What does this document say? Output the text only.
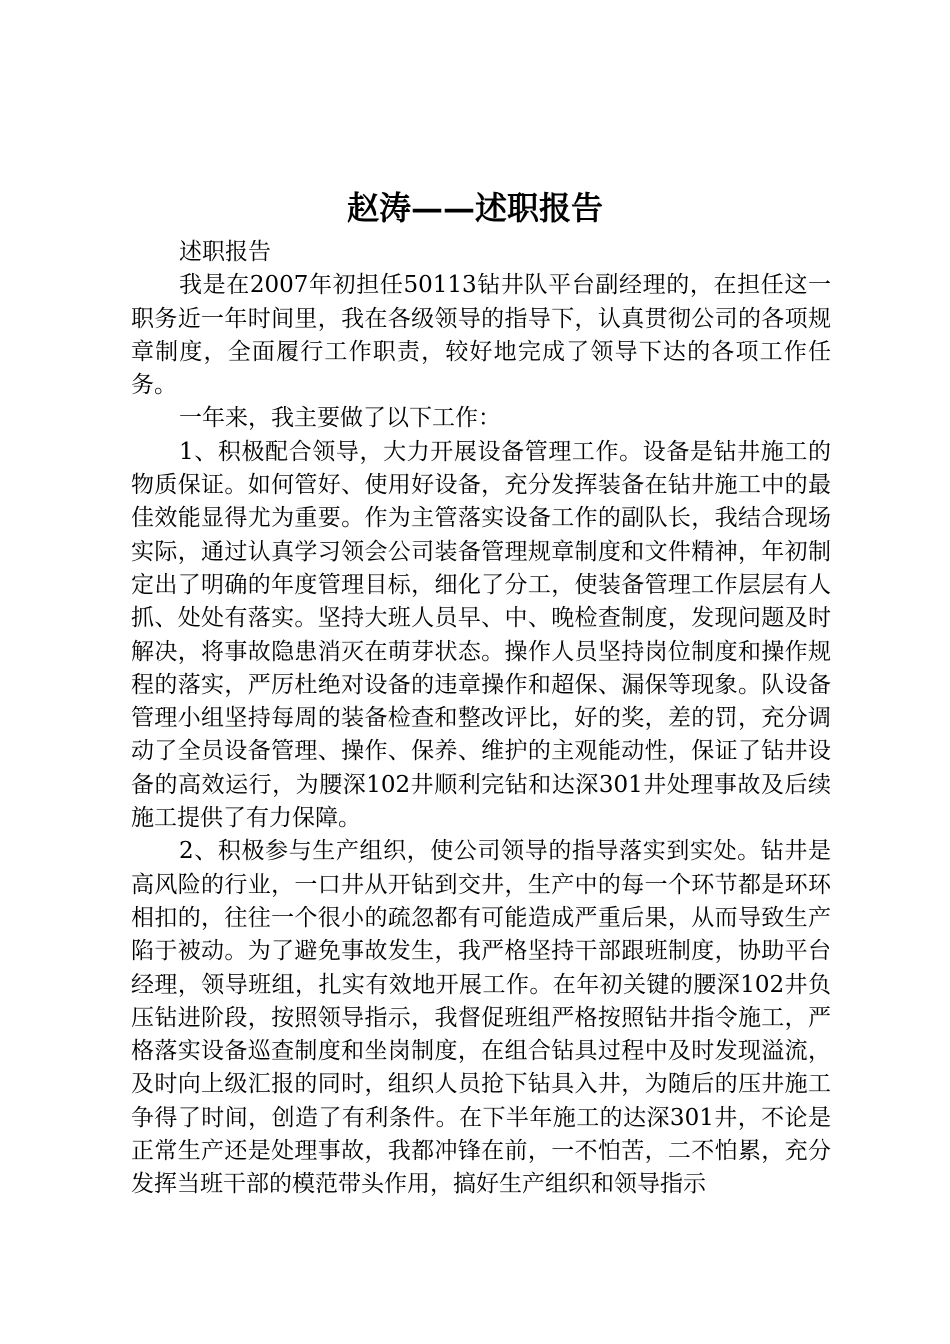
赵涛——述职报告

述职报告

我是在2007年初担任50113钻井队平台副经理的，在担任这一职务近一年时间里，我在各级领导的指导下，认真贯彻公司的各项规章制度，全面履行工作职责，较好地完成了领导下达的各项工作任务。

一年来，我主要做了以下工作：

1、积极配合领导，大力开展设备管理工作。设备是钻井施工的物质保证。如何管好、使用好设备，充分发挥装备在钻井施工中的最佳效能显得尤为重要。作为主管落实设备工作的副队长，我结合现场实际，通过认真学习领会公司装备管理规章制度和文件精神，年初制定出了明确的年度管理目标，细化了分工，使装备管理工作层层有人抓、处处有落实。坚持大班人员早、中、晚检查制度，发现问题及时解决，将事故隐患消灭在萌芽状态。操作人员坚持岗位制度和操作规程的落实，严厉杜绝对设备的违章操作和超保、漏保等现象。队设备管理小组坚持每周的装备检查和整改评比，好的奖，差的罚，充分调动了全员设备管理、操作、保养、维护的主观能动性，保证了钻井设备的高效运行，为腰深102井顺利完钻和达深301井处理事故及后续施工提供了有力保障。

2、积极参与生产组织，使公司领导的指导落实到实处。钻井是高风险的行业，一口井从开钻到交井，生产中的每一个环节都是环环相扣的，往往一个很小的疏忽都有可能造成严重后果，从而导致生产陷于被动。为了避免事故发生，我严格坚持干部跟班制度，协助平台经理，领导班组，扎实有效地开展工作。在年初关键的腰深102井负压钻进阶段，按照领导指示，我督促班组严格按照钻井指令施工，严格落实设备巡查制度和坐岗制度，在组合钻具过程中及时发现溢流，及时向上级汇报的同时，组织人员抢下钻具入井，为随后的压井施工争得了时间，创造了有利条件。在下半年施工的达深301井，不论是正常生产还是处理事故，我都冲锋在前，一不怕苦，二不怕累，充分发挥当班干部的模范带头作用，搞好生产组织和领导指示
